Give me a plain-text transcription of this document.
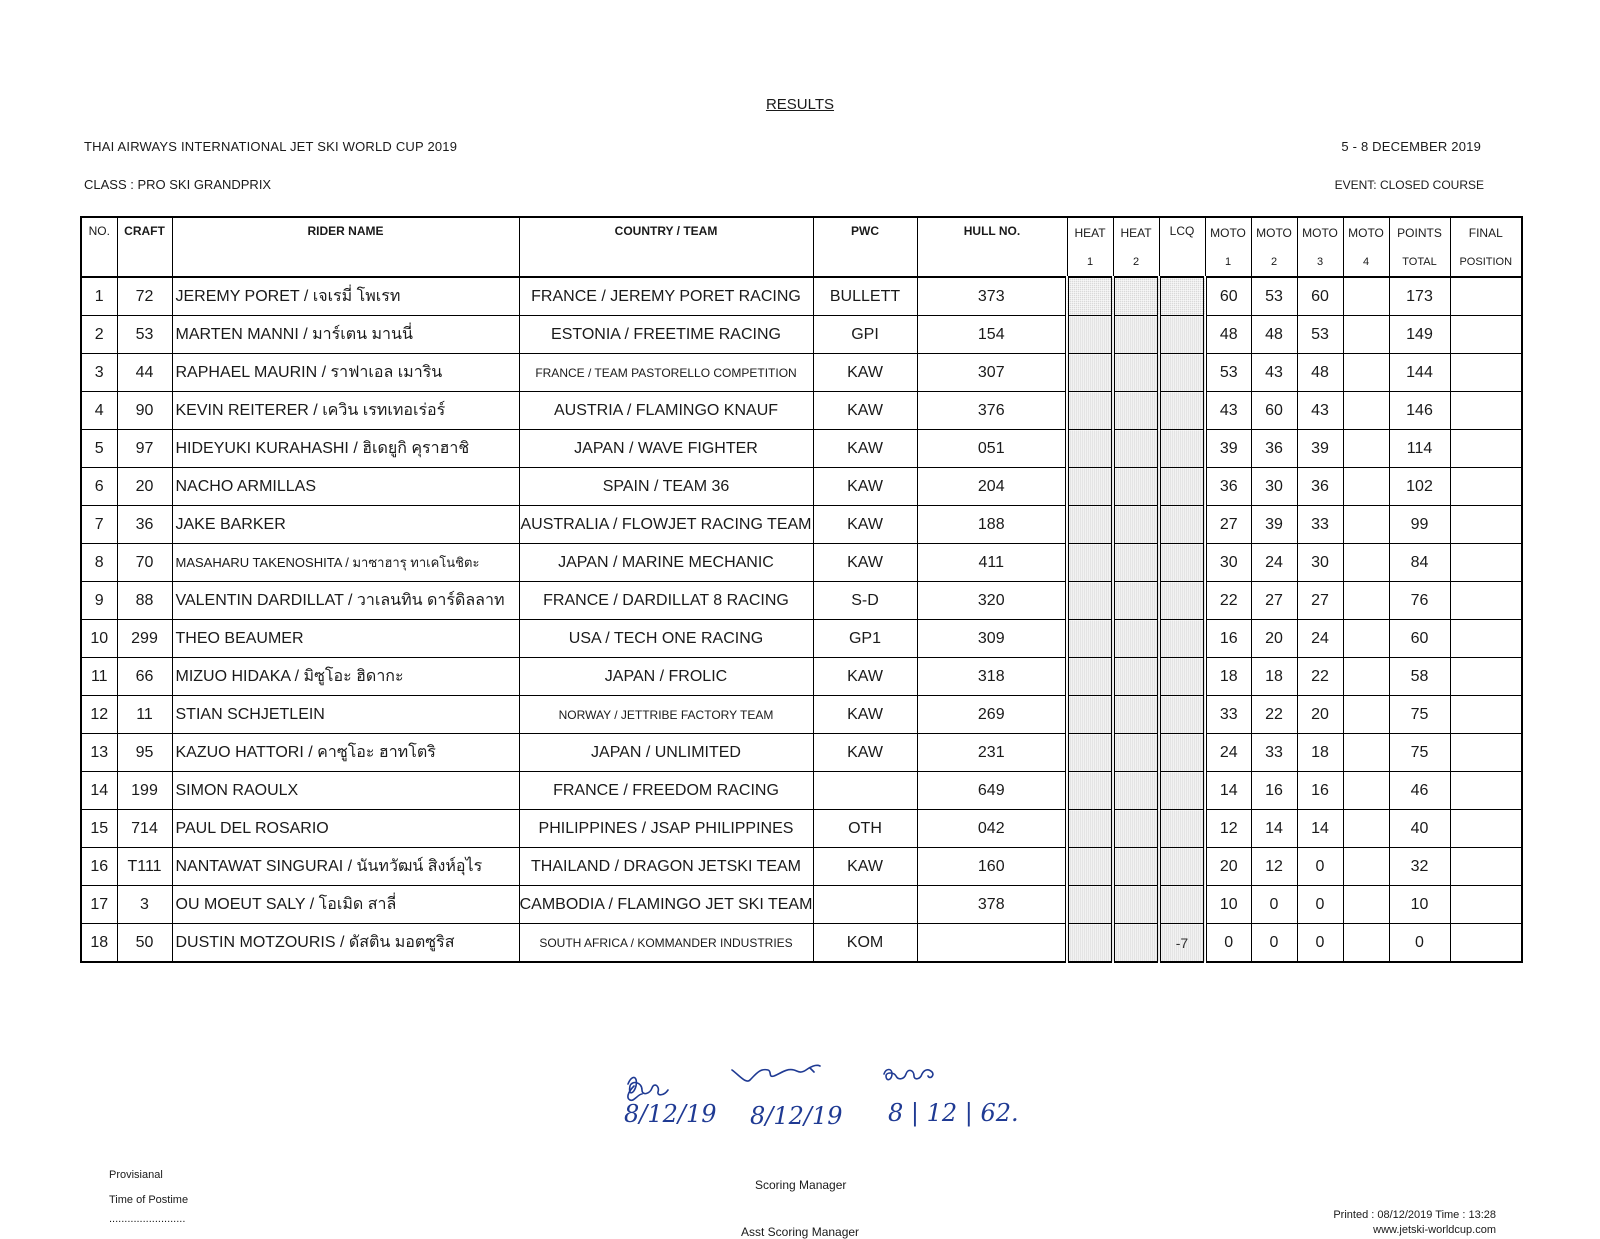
RESULTS
THAI AIRWAYS INTERNATIONAL JET SKI WORLD CUP 2019	5 - 8 DECEMBER 2019
CLASS : PRO SKI GRANDPRIX	EVENT: CLOSED COURSE
NO.	CRAFT	RIDER NAME	COUNTRY / TEAM	PWC	HULL NO.	HEAT	HEAT	LCQ	MOTO	MOTO	MOTO	MOTO	POINTS	FINAL
						1	2		1	2	3	4	TOTAL	POSITION
1	72	JEREMY PORET / เจเรมี่ โพเรท	FRANCE / JEREMY PORET RACING	BULLETT	373				60	53	60		173	
2	53	MARTEN MANNI / มาร์เตน มานนี่	ESTONIA / FREETIME RACING	GPI	154				48	48	53		149	
3	44	RAPHAEL MAURIN / ราฟาเอล เมาริน	FRANCE / TEAM PASTORELLO COMPETITION	KAW	307				53	43	48		144	
4	90	KEVIN REITERER / เควิน เรทเทอเร่อร์	AUSTRIA / FLAMINGO KNAUF	KAW	376				43	60	43		146	
5	97	HIDEYUKI KURAHASHI / ฮิเดยูกิ คุราฮาชิ	JAPAN / WAVE FIGHTER	KAW	051				39	36	39		114	
6	20	NACHO ARMILLAS	SPAIN / TEAM 36	KAW	204				36	30	36		102	
7	36	JAKE BARKER	AUSTRALIA / FLOWJET RACING TEAM	KAW	188				27	39	33		99	
8	70	MASAHARU TAKENOSHITA / มาซาฮารุ ทาเคโนชิตะ	JAPAN / MARINE MECHANIC	KAW	411				30	24	30		84	
9	88	VALENTIN DARDILLAT / วาเลนทิน ดาร์ดิลลาท	FRANCE / DARDILLAT 8 RACING	S-D	320				22	27	27		76	
10	299	THEO BEAUMER	USA / TECH ONE RACING	GP1	309				16	20	24		60	
11	66	MIZUO HIDAKA / มิซูโอะ ฮิดากะ	JAPAN / FROLIC	KAW	318				18	18	22		58	
12	11	STIAN SCHJETLEIN	NORWAY / JETTRIBE FACTORY TEAM	KAW	269				33	22	20		75	
13	95	KAZUO HATTORI / คาซูโอะ ฮาทโตริ	JAPAN / UNLIMITED	KAW	231				24	33	18		75	
14	199	SIMON RAOULX	FRANCE / FREEDOM RACING		649				14	16	16		46	
15	714	PAUL DEL ROSARIO	PHILIPPINES / JSAP PHILIPPINES	OTH	042				12	14	14		40	
16	T111	NANTAWAT SINGURAI / นันทวัฒน์ สิงห์อุไร	THAILAND / DRAGON JETSKI TEAM	KAW	160				20	12	0		32	
17	3	OU MOEUT SALY / โอเมิด สาลี่	CAMBODIA / FLAMINGO JET SKI TEAM		378				10	0	0		10	
18	50	DUSTIN MOTZOURIS / ดัสติน มอตซูริส	SOUTH AFRICA / KOMMANDER INDUSTRIES	KOM				-7	0	0	0		0	
8/12/19 8/12/19 8 | 12 | 62.
Provisianal
Time of Postime
.........................
Scoring Manager
Asst Scoring Manager
Printed : 08/12/2019 Time : 13:28
www.jetski-worldcup.com
